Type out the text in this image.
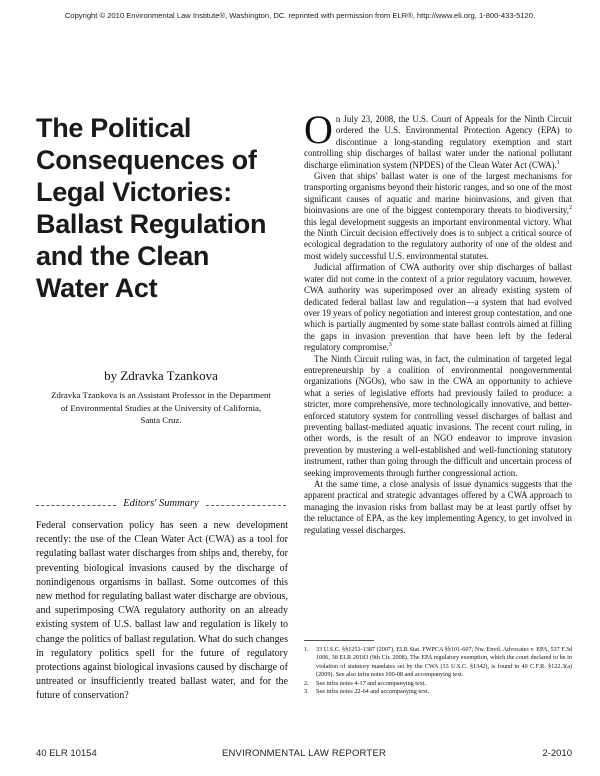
Copyright © 2010 Environmental Law Institute®, Washington, DC. reprinted with permission from ELR®, http://www.eli.org, 1-800-433-5120.
The Political Consequences of Legal Victories: Ballast Regulation and the Clean Water Act
by Zdravka Tzankova
Zdravka Tzankova is an Assistant Professor in the Department of Environmental Studies at the University of California, Santa Cruz.
Editors' Summary

Federal conservation policy has seen a new development recently: the use of the Clean Water Act (CWA) as a tool for regulating ballast water discharges from ships and, thereby, for preventing biological invasions caused by the discharge of nonindigenous organisms in ballast. Some outcomes of this new method for regulating ballast water discharge are obvious, and superimposing CWA regulatory authority on an already existing system of U.S. ballast law and regulation is likely to change the politics of ballast regulation. What do such changes in regulatory politics spell for the future of regulatory protections against biological invasions caused by discharge of untreated or insufficiently treated ballast water, and for the future of conservation?

On July 23, 2008, the U.S. Court of Appeals for the Ninth Circuit ordered the U.S. Environmental Protection Agency (EPA) to discontinue a long-standing regulatory exemption and start controlling ship discharges of ballast water under the national pollutant discharge elimination system (NPDES) of the Clean Water Act (CWA).$^1$

Given that ships' ballast water is one of the largest mechanisms for transporting organisms beyond their historic ranges, and so one of the most significant causes of aquatic and marine bioinvasions, and given that bioinvasions are one of the biggest contemporary threats to biodiversity,$^2$ this legal development suggests an important environmental victory. What the Ninth Circuit decision effectively does is to subject a critical source of ecological degradation to the regulatory authority of one of the oldest and most widely successful U.S. environmental statutes.

Judicial affirmation of CWA authority over ship discharges of ballast water did not come in the context of a prior regulatory vacuum, however. CWA authority was superimposed over an already existing system of dedicated federal ballast law and regulation—a system that had evolved over 19 years of policy negotiation and interest group contestation, and one which is partially augmented by some state ballast controls aimed at filling the gaps in invasion prevention that have been left by the federal regulatory compromise.$^3$

The Ninth Circuit ruling was, in fact, the culmination of targeted legal entrepreneurship by a coalition of environmental nongovernmental organizations (NGOs), who saw in the CWA an opportunity to achieve what a series of legislative efforts had previously failed to produce: a stricter, more comprehensive, more technologically innovative, and better-enforced statutory system for controlling vessel discharges of ballast and preventing ballast-mediated aquatic invasions. The recent court ruling, in other words, is the result of an NGO endeavor to improve invasion prevention by mustering a well-established and well-functioning statutory instrument, rather than going through the difficult and uncertain process of seeking improvements through further congressional action.

At the same time, a close analysis of issue dynamics suggests that the apparent practical and strategic advantages offered by a CWA approach to managing the invasion risks from ballast may be at least partly offset by the reluctance of EPA, as the key implementing Agency, to get involved in regulating vessel discharges.

1.	33 U.S.C. §§1251-1387 (2007), ELR Stat. FWPCA §§101-607; Nw. Envtl. Advocates v. EPA, 537 F.3d 1006, 38 ELR 20183 (9th Cir. 2008). The EPA regulatory exemption, which the court declared to be in violation of statutory mandates set by the CWA (33 U.S.C. §1342), is found in 40 C.F.R. §122.3(a) (2009). See also infra notes 100-08 and accompanying text.
2.	See infra notes 4-17 and accompanying text.
3.	See infra notes 22-64 and accompanying text.
ENVIRONMENTAL LAW REPORTER
40 ELR 10154	2-2010
